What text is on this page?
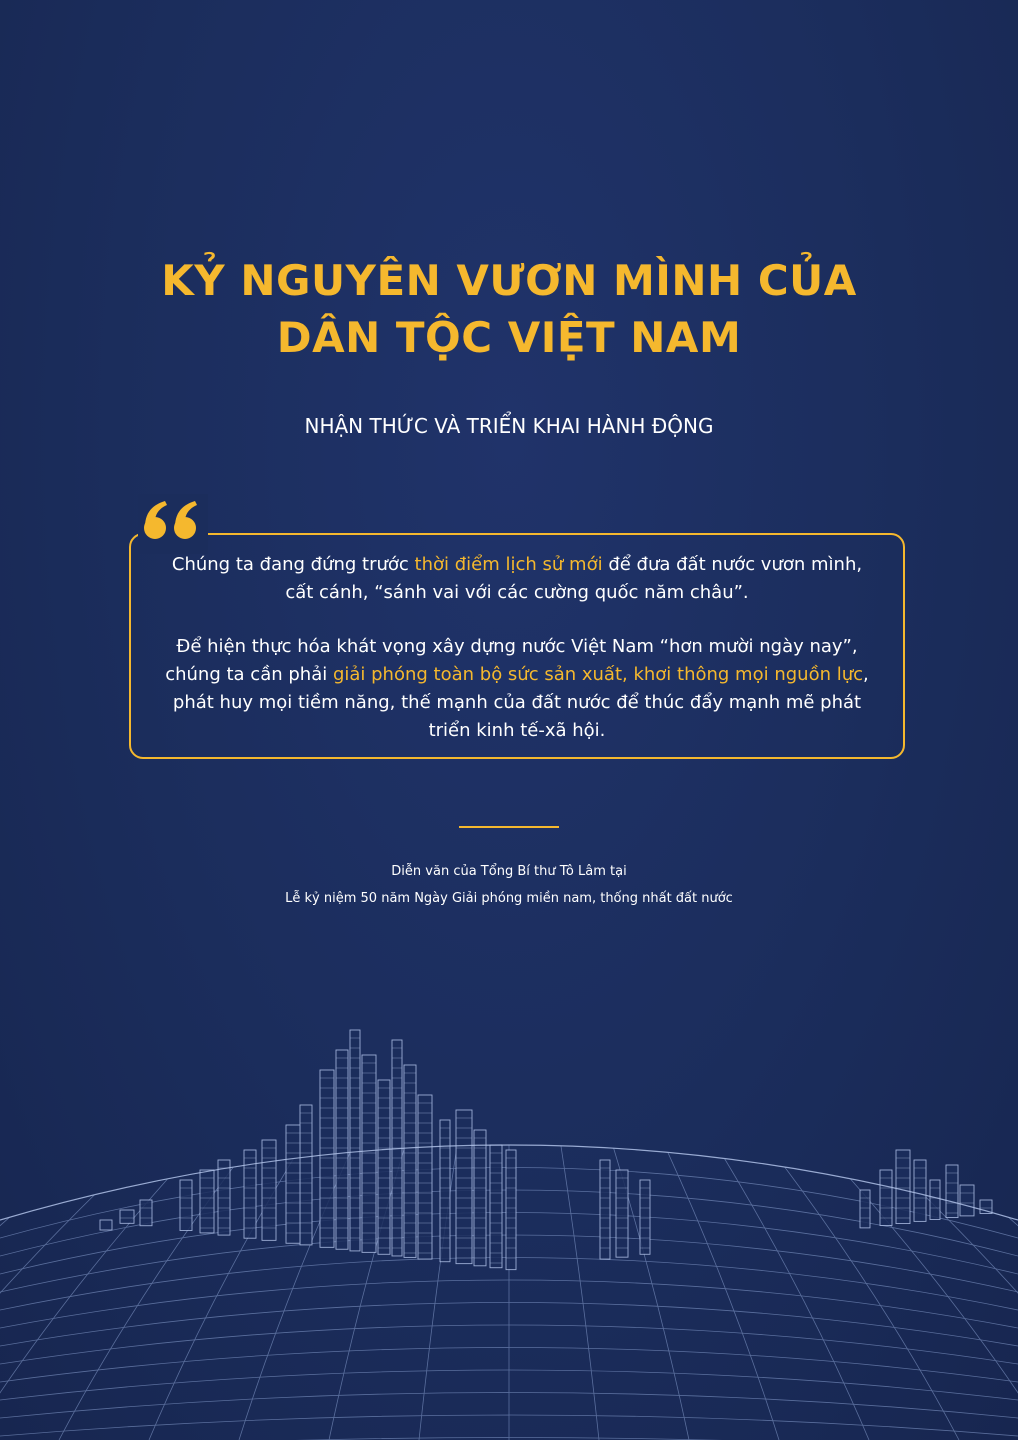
KỶ NGUYÊN VƯƠN MÌNH CỦA
DÂN TỘC VIỆT NAM

NHẬN THỨC VÀ TRIỂN KHAI HÀNH ĐỘNG

Chúng ta đang đứng trước thời điểm lịch sử mới để đưa đất nước vươn mình, cất cánh, “sánh vai với các cường quốc năm châu”.

Để hiện thực hóa khát vọng xây dựng nước Việt Nam “hơn mười ngày nay”, chúng ta cần phải giải phóng toàn bộ sức sản xuất, khơi thông mọi nguồn lực, phát huy mọi tiềm năng, thế mạnh của đất nước để thúc đẩy mạnh mẽ phát triển kinh tế-xã hội.

Diễn văn của Tổng Bí thư Tô Lâm tại
Lễ kỷ niệm 50 năm Ngày Giải phóng miền nam, thống nhất đất nước
